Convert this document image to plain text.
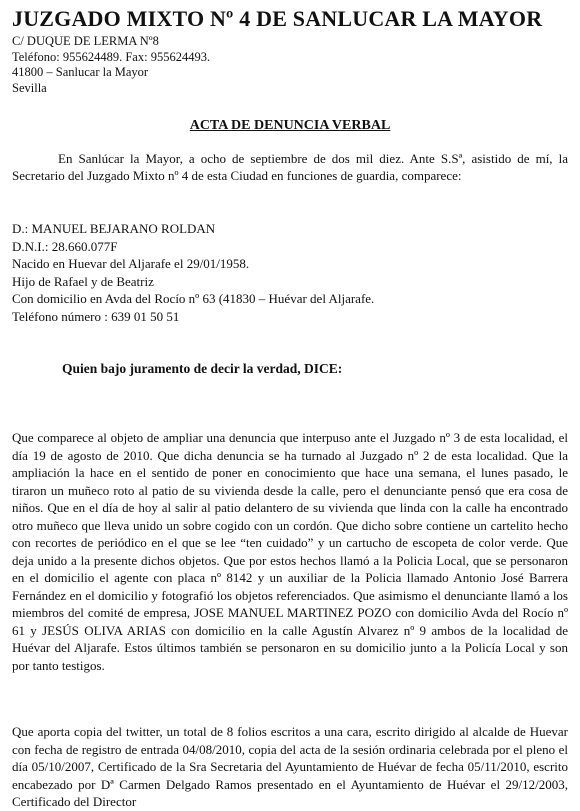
JUZGADO MIXTO Nº 4 DE SANLUCAR LA MAYOR
C/ DUQUE DE LERMA Nº8
Teléfono: 955624489. Fax: 955624493.
41800 – Sanlucar la Mayor
Sevilla
ACTA DE DENUNCIA VERBAL
En Sanlúcar la Mayor, a ocho de septiembre de dos mil diez. Ante S.Sª, asistido de mí, la Secretario del Juzgado Mixto nº 4 de esta Ciudad en funciones de guardia, comparece:
D.: MANUEL BEJARANO ROLDAN
D.N.I.: 28.660.077F
Nacido en Huevar del Aljarafe el 29/01/1958.
Hijo de Rafael y de Beatriz
Con domicilio en Avda del Rocío nº 63 (41830 – Huévar del Aljarafe.
Teléfono número : 639 01 50 51
Quien bajo juramento de decir la verdad, DICE:
Que comparece al objeto de ampliar una denuncia que interpuso ante el Juzgado nº 3 de esta localidad, el día 19 de agosto de 2010. Que dicha denuncia se ha turnado al Juzgado nº 2 de esta localidad. Que la ampliación la hace en el sentido de poner en conocimiento que hace una semana, el lunes pasado, le tiraron un muñeco roto al patio de su vivienda desde la calle, pero el denunciante pensó que era cosa de niños. Que en el día de hoy al salir al patio delantero de su vivienda que linda con la calle ha encontrado otro muñeco que lleva unido un sobre cogido con un cordón. Que dicho sobre contiene un cartelito hecho con recortes de periódico en el que se lee “ten cuidado” y un cartucho de escopeta de color verde. Que deja unido a la presente dichos objetos. Que por estos hechos llamó a la Policia Local, que se personaron en el domicilio el agente con placa nº 8142 y un auxiliar de la Policia llamado Antonio José Barrera Fernández en el domicilio y fotografió los objetos referenciados. Que asimismo el denunciante llamó a los miembros del comité de empresa, JOSE MANUEL MARTINEZ POZO con domicilio Avda del Rocío nº 61 y JESÚS OLIVA ARIAS con domicilio en la calle Agustín Alvarez nº 9 ambos de la localidad de Huévar del Aljarafe. Estos últimos también se personaron en su domicilio junto a la Policía Local y son por tanto testigos.
Que aporta copia del twitter, un total de 8 folios escritos a una cara, escrito dirigido al alcalde de Huevar con fecha de registro de entrada 04/08/2010, copia del acta de la sesión ordinaria celebrada por el pleno el día 05/10/2007, Certificado de la Sra Secretaria del Ayuntamiento de Huévar de fecha 05/11/2010, escrito encabezado por Dª Carmen Delgado Ramos presentado en el Ayuntamiento de Huévar el 29/12/2003, Certificado del Director
